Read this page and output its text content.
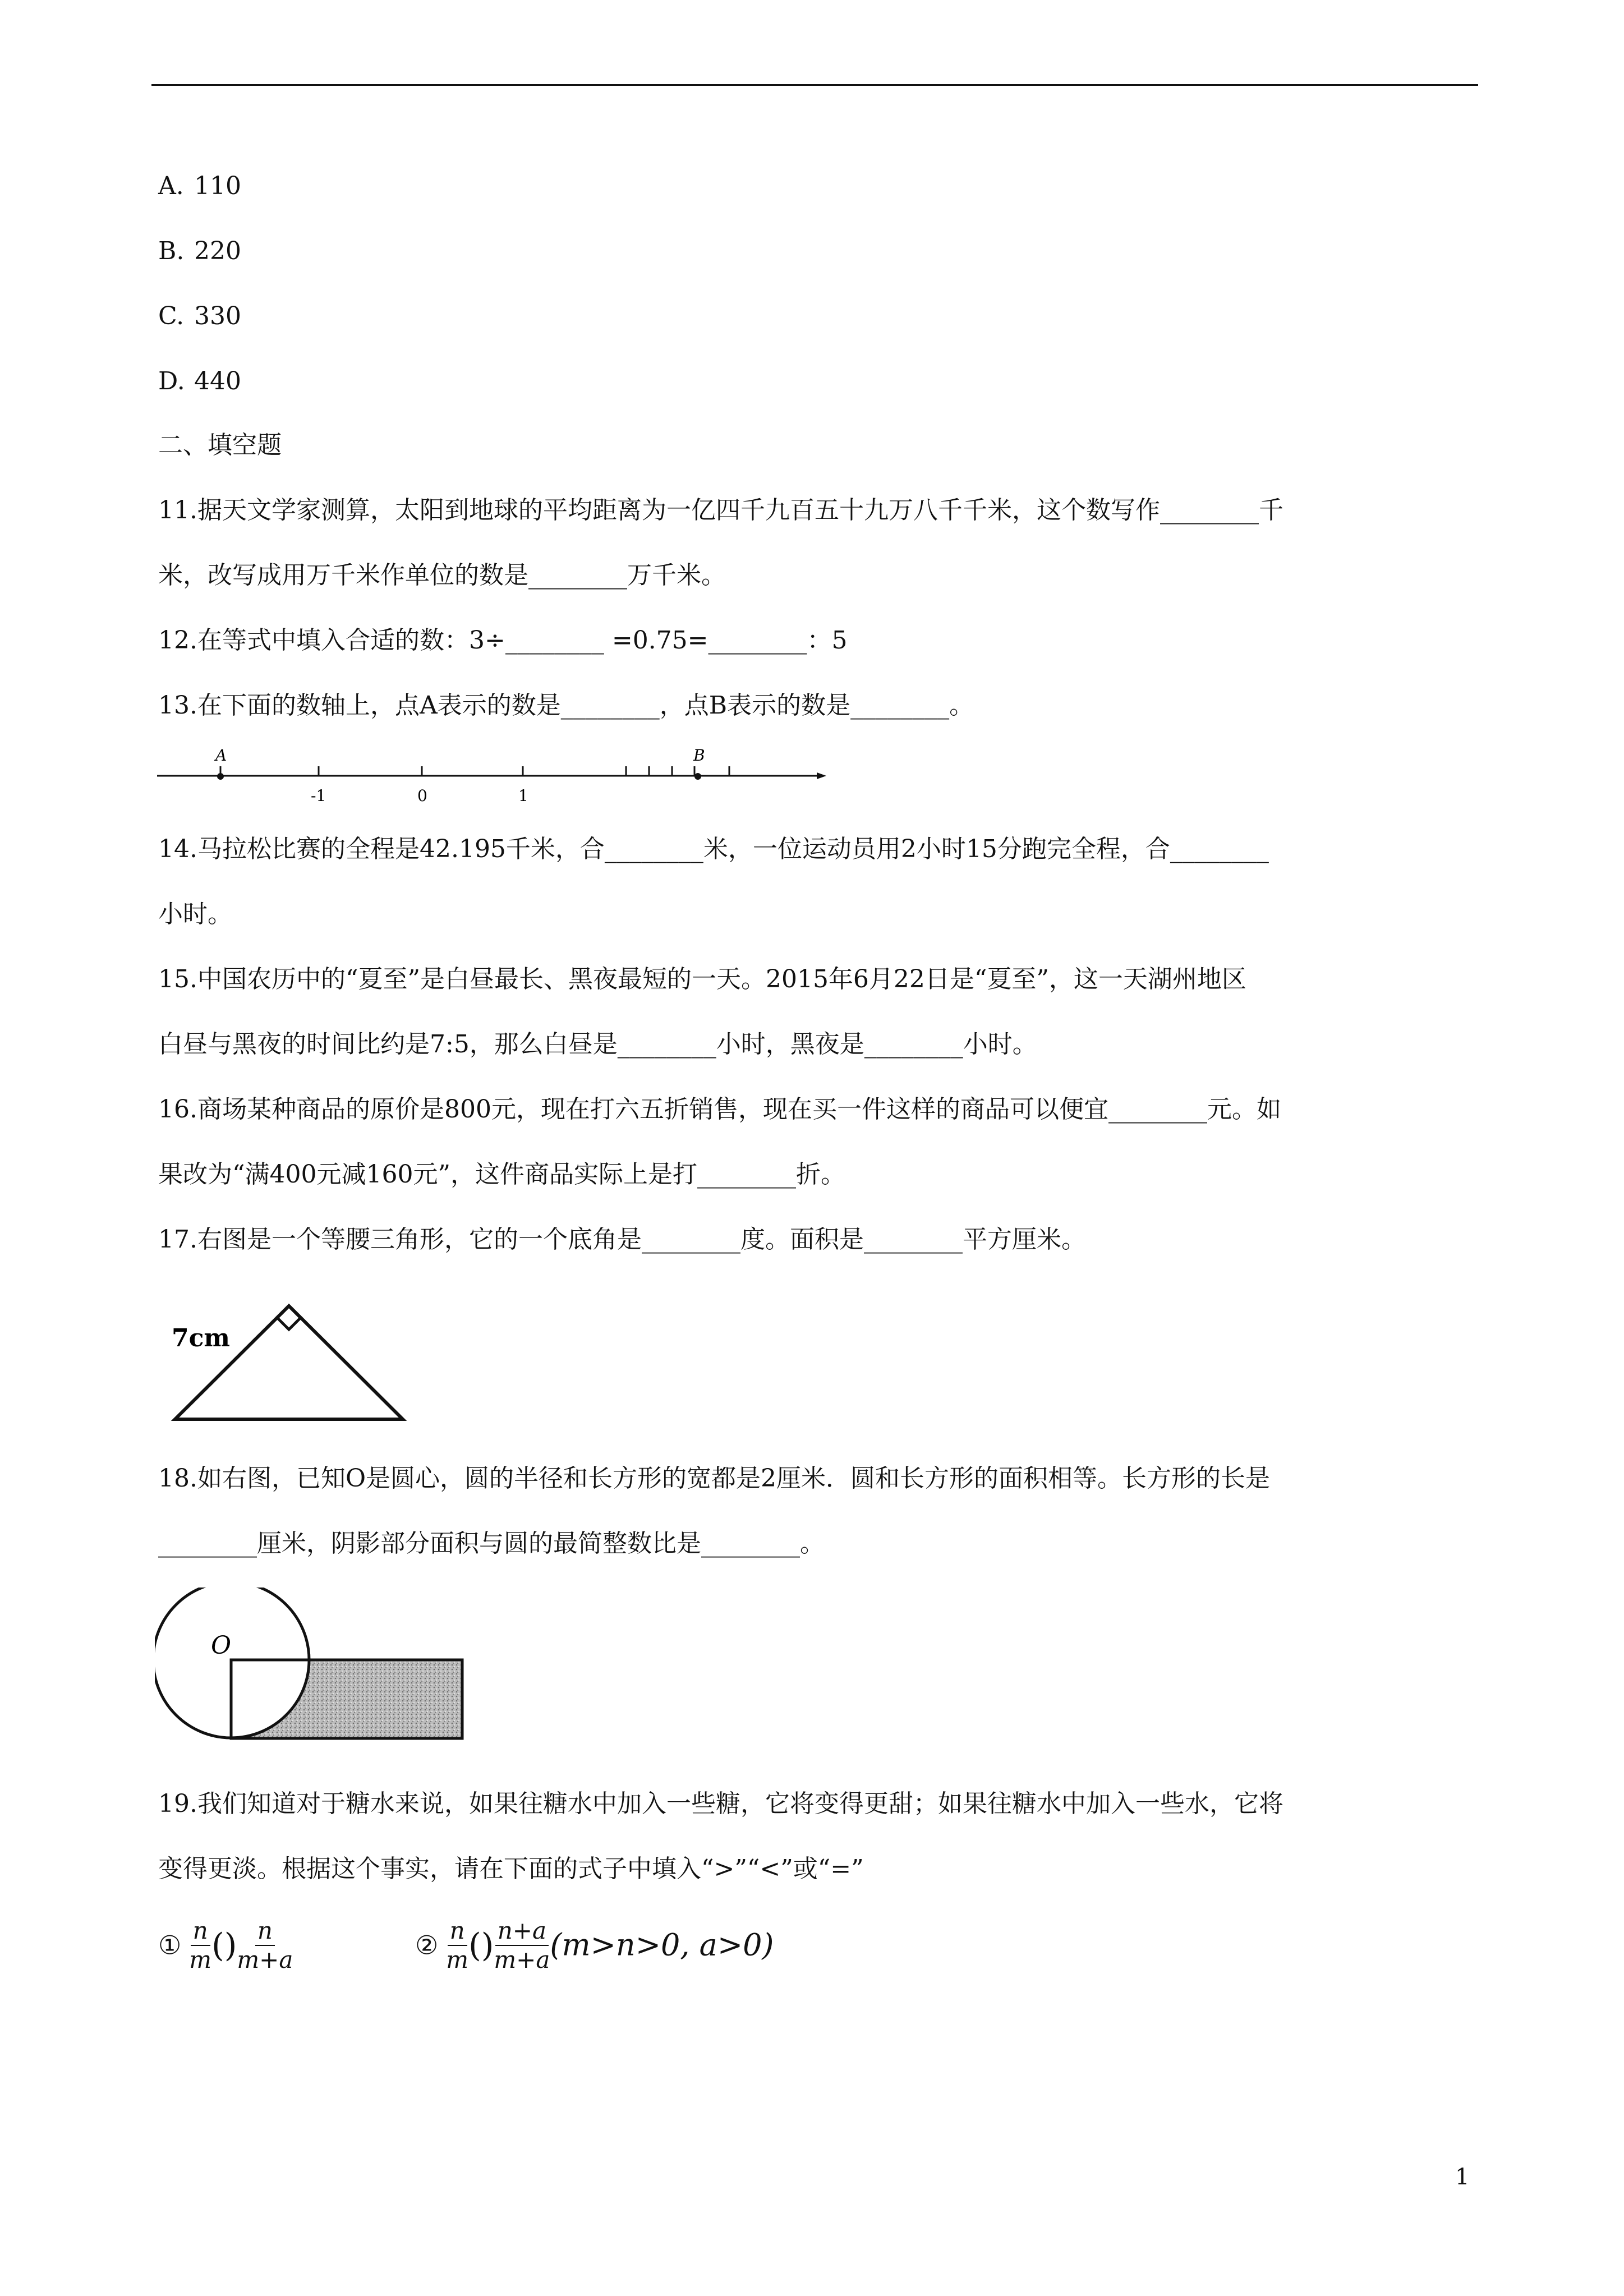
A. 110
B. 220
C. 330
D. 440
二、填空题
11.据天文学家测算，太阳到地球的平均距离为一亿四千九百五十九万八千千米，这个数写作________千
米，改写成用万千米作单位的数是________万千米。
12.在等式中填入合适的数：3÷________ =0.75=________：5
13.在下面的数轴上，点A表示的数是________，点B表示的数是________。
A	B
-1	0	1
14.马拉松比赛的全程是42.195千米，合________米，一位运动员用2小时15分跑完全程，合________
小时。
15.中国农历中的“夏至”是白昼最长、黑夜最短的一天。2015年6月22日是“夏至”，这一天湖州地区
白昼与黑夜的时间比约是7:5，那么白昼是________小时，黑夜是________小时。
16.商场某种商品的原价是800元，现在打六五折销售，现在买一件这样的商品可以便宜________元。如
果改为“满400元减160元”，这件商品实际上是打________折。
17.右图是一个等腰三角形，它的一个底角是________度。面积是________平方厘米。
7cm
18.如右图，已知O是圆心，圆的半径和长方形的宽都是2厘米．圆和长方形的面积相等。长方形的长是
________厘米，阴影部分面积与圆的最简整数比是________。
O
19.我们知道对于糖水来说，如果往糖水中加入一些糖，它将变得更甜；如果往糖水中加入一些水，它将
变得更淡。根据这个事实，请在下面的式子中填入“>”“<”或“=”
① $\frac{n}{m}$ () $\frac{n}{m+a}$	② $\frac{n}{m}$ () $\frac{n+a}{m+a} (m>n>0$, a>0)
1
